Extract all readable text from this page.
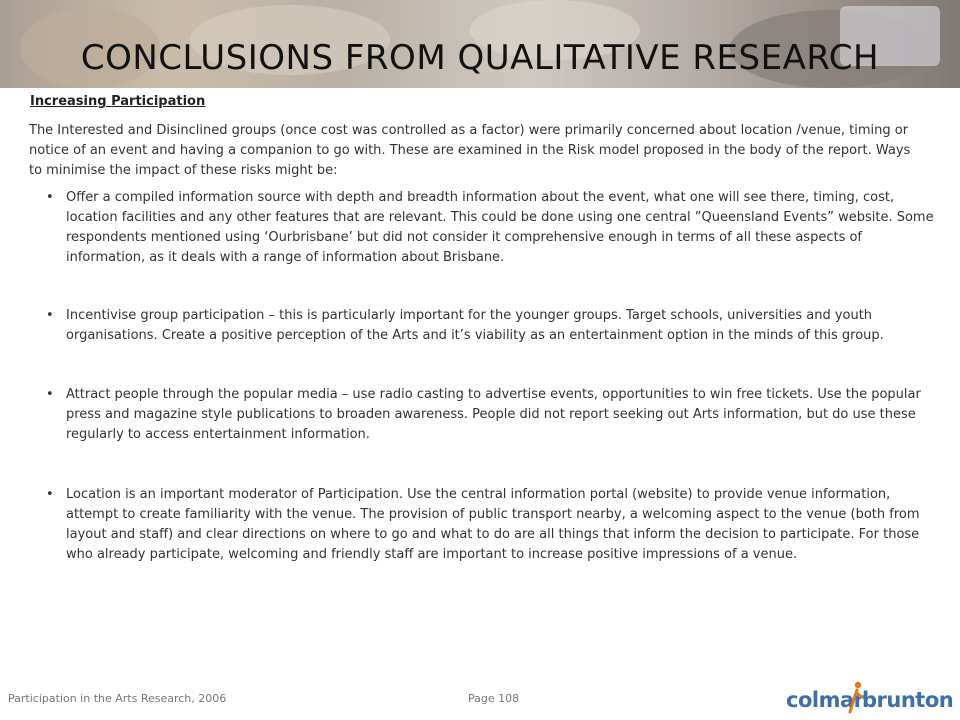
CONCLUSIONS FROM QUALITATIVE RESEARCH

Increasing Participation

The Interested and Disinclined groups (once cost was controlled as a factor) were primarily concerned about location /venue, timing or notice of an event and having a companion to go with. These are examined in the Risk model proposed in the body of the report. Ways to minimise the impact of these risks might be:

• Offer a compiled information source with depth and breadth information about the event, what one will see there, timing, cost, location facilities and any other features that are relevant. This could be done using one central ”Queensland Events” website. Some respondents mentioned using ‘Ourbrisbane’ but did not consider it comprehensive enough in terms of all these aspects of information, as it deals with a range of information about Brisbane.
• Incentivise group participation – this is particularly important for the younger groups. Target schools, universities and youth organisations. Create a positive perception of the Arts and it’s viability as an entertainment option in the minds of this group.
• Attract people through the popular media – use radio casting to advertise events, opportunities to win free tickets. Use the popular press and magazine style publications to broaden awareness. People did not report seeking out Arts information, but do use these regularly to access entertainment information.
• Location is an important moderator of Participation. Use the central information portal (website) to provide venue information, attempt to create familiarity with the venue. The provision of public transport nearby, a welcoming aspect to the venue (both from layout and staff) and clear directions on where to go and what to do are all things that inform the decision to participate. For those who already participate, welcoming and friendly staff are important to increase positive impressions of a venue.
Participation in the Arts Research, 2006	Page 108	colmar
brunton
